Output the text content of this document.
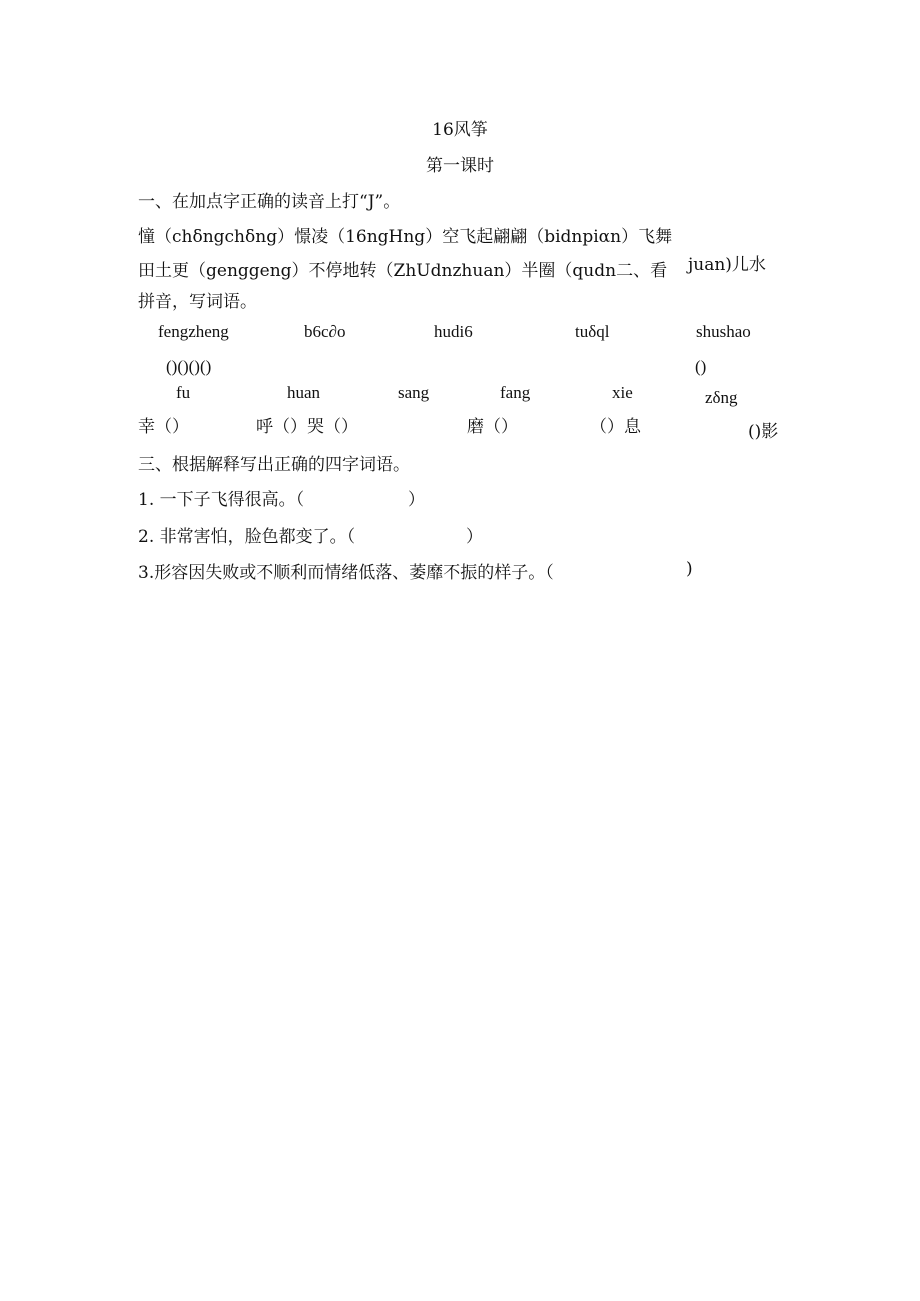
16风筝
第一课时
一、在加点字正确的读音上打“J”。
憧（chδngchδng）憬凌（16ngHng）空飞起翩翩（bidnpiαn）飞舞
田土更（genggeng）不停地转（ZhUdnzhuan）半圈（qudn二、看 juan)儿水
拼音，写词语。
fengzheng	b6c∂o	hudi6	tuδql	shushao
()()()()	()
fu	huan	sang	fang	xie	zδng
幸（）	呼（）哭（）	磨（）	（）息	()影
三、根据解释写出正确的四字词语。
1. 一下子飞得很高。（	）
2. 非常害怕，脸色都变了。（	）
3.形容因失败或不顺利而情绪低落、萎靡不振的样子。（	)
